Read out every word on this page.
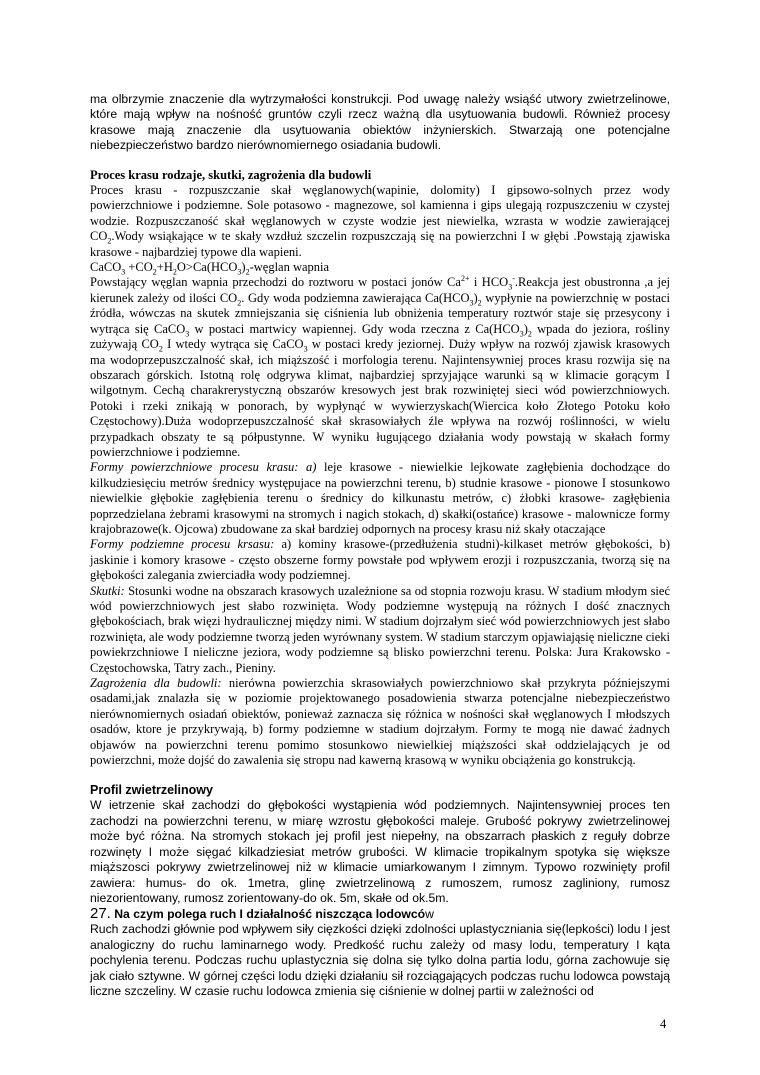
ma olbrzymie znaczenie dla wytrzymałości konstrukcji. Pod uwagę należy wsiąść utwory zwietrzelinowe, które mają wpływ na nośność gruntów czyli rzecz ważną dla usytuowania budowli. Również procesy krasowe mają znaczenie dla usytuowania obiektów inżynierskich. Stwarzają one potencjalne niebezpieczeństwo bardzo nierównomiernego osiadania budowli.

Proces krasu rodzaje, skutki, zagrożenia dla budowli

Proces krasu - rozpuszczanie skał węglanowych(wapinie, dolomity) I gipsowo-solnych przez wody powierzchniowe i podziemne. Sole potasowo - magnezowe, sol kamienna i gips ulegają rozpuszczeniu w czystej wodzie. Rozpuszczaność skał węglanowych w czyste wodzie jest niewielka, wzrasta w wodzie zawierającej $CO_2.Wody$ wsiąkające w te skały wzdłuż szczelin rozpuszczają się na powierzchni I w głębi .Powstają zjawiska krasowe - najbardziej typowe dla wapieni.

CaCO$_3$ $+CO_2+H_2O>Ca(HCO_3)_2$-węglan wapnia

Powstający węglan wapnia przechodzi do roztworu w postaci jonów $Ca^{2+}$ i $HCO_3^-.Reakcja$ jest obustronna ,a jej kierunek zależy od ilości $CO_2$. Gdy woda podziemna zawierająca $Ca(HCO_3)_2$ wypłynie na powierzchnię w postaci źródła, wówczas na skutek zmniejszania się ciśnienia lub obniżenia temperatury roztwór staje się przesycony i wytrąca się CaCO$_3$ w postaci martwicy wapiennej. Gdy woda rzeczna z $Ca(HCO_3)_2$ wpada do jeziora, rośliny zużywają $CO_2$ I wtedy wytrąca się CaCO$_3$ w postaci kredy jeziornej. Duży wpływ na rozwój zjawisk krasowych ma wodoprzepuszczalność skał, ich miąższość i morfologia terenu. Najintensywniej proces krasu rozwija się na obszarach górskich. Istotną rolę odgrywa klimat, najbardziej sprzyjające warunki są w klimacie gorącym I wilgotnym. Cechą charakrerystyczną obszarów kresowych jest brak rozwiniętej sieci wód powierzchniowych. Potoki i rzeki znikają w ponorach, by wypłynąć w wywierzyskach(Wiercica koło Złotego Potoku koło Częstochowy).Duża wodoprzepuszczalność skał skrasowiałych źle wpływa na rozwój roślinności, w wielu przypadkach obszaty te są półpustynne. W wyniku ługującego działania wody powstają w skałach formy powierzchniowe i podziemne.

Formy powierzchniowe procesu krasu: a) leje krasowe - niewielkie lejkowate zagłębienia dochodzące do kilkudziesięciu metrów średnicy występujace na powierzchni terenu, b) studnie krasowe - pionowe I stosunkowo niewielkie głębokie zagłębienia terenu o średnicy do kilkunastu metrów, c) żłobki krasowe- zagłębienia poprzedzielana żebrami krasowymi na stromych i nagich stokach, d) skałki(ostańce) krasowe - malownicze formy krajobrazowe(k. Ojcowa) zbudowane za skał bardziej odpornych na procesy krasu niż skały otaczające

Formy podziemne procesu krsasu: a) kominy krasowe-(przedłużenia studni)-kilkaset metrów głębokości, b) jaskinie i komory krasowe - często obszerne formy powstałe pod wpływem erozji i rozpuszczania, tworzą się na głębokości zalegania zwierciadła wody podziemnej.

Skutki: Stosunki wodne na obszarach krasowych uzależnione sa od stopnia rozwoju krasu. W stadium młodym sieć wód powierzchniowych jest słabo rozwinięta. Wody podziemne występują na różnych I dość znacznych głębokościach, brak więzi hydraulicznej między nimi. W stadium dojrzałym sieć wód powierzchniowych jest słabo rozwinięta, ale wody podziemne tworzą jeden wyrównany system. W stadium starczym opjawiająsię nieliczne cieki powiekrzchniowe I nieliczne jeziora, wody podziemne są blisko powierzchni terenu. Polska: Jura Krakowsko - Częstochowska, Tatry zach., Pieniny.

Zagrożenia dla budowli: nierówna powierzchia skrasowiałych powierzchniowo skał przykryta późniejszymi osadami,jak znalazła się w poziomie projektowanego posadowienia stwarza potencjalne niebezpieczeństwo nierównomiernych osiadań obiektów, ponieważ zaznacza się różnica w nośności skał węglanowych I młodszych osadów, ktore je przykrywają, b) formy podziemne w stadium dojrzałym. Formy te mogą nie dawać żadnych objawów na powierzchni terenu pomimo stosunkowo niewielkiej miąższości skał oddzielających je od powierzchni, może dojść do zawalenia się stropu nad kawerną krasową w wyniku obciążenia go konstrukcją.

Profil zwietrzelinowy

W ietrzenie skał zachodzi do głębokości wystąpienia wód podziemnych. Najintensywniej proces ten zachodzi na powierzchni terenu, w miarę wzrostu głębokości maleje. Grubość pokrywy zwietrzelinowej może być różna. Na stromych stokach jej profil jest niepełny, na obszarrach płaskich z reguły dobrze rozwinęty I może sięgać kilkadziesiat metrów grubości. W klimacie tropikalnym spotyka się większe miąższosci pokrywy zwietrzelinowej niż w klimacie umiarkowanym I zimnym. Typowo rozwinięty profil zawiera: humus- do ok. 1metra, glinę zwietrzelinową z rumoszem, rumosz zagliniony, rumosz niezorientowany, rumosz zorientowany-do ok. 5m, skałe od ok.5m.

27. Na czym polega ruch I działalność niszcząca lodowców

Ruch zachodzi głównie pod wpływem siły cięzkości dzięki zdolności uplastyczniania się(lepkości) lodu I jest analogiczny do ruchu laminarnego wody. Predkość ruchu zależy od masy lodu, temperatury I kąta pochylenia terenu. Podczas ruchu uplastycznia się dolna się tylko dolna partia lodu, górna zachowuje się jak ciało sztywne. W górnej części lodu dzięki działaniu sił rozciągających podczas ruchu lodowca powstają liczne szczeliny. W czasie ruchu lodowca zmienia się ciśnienie w dolnej partii w zależności od

4
